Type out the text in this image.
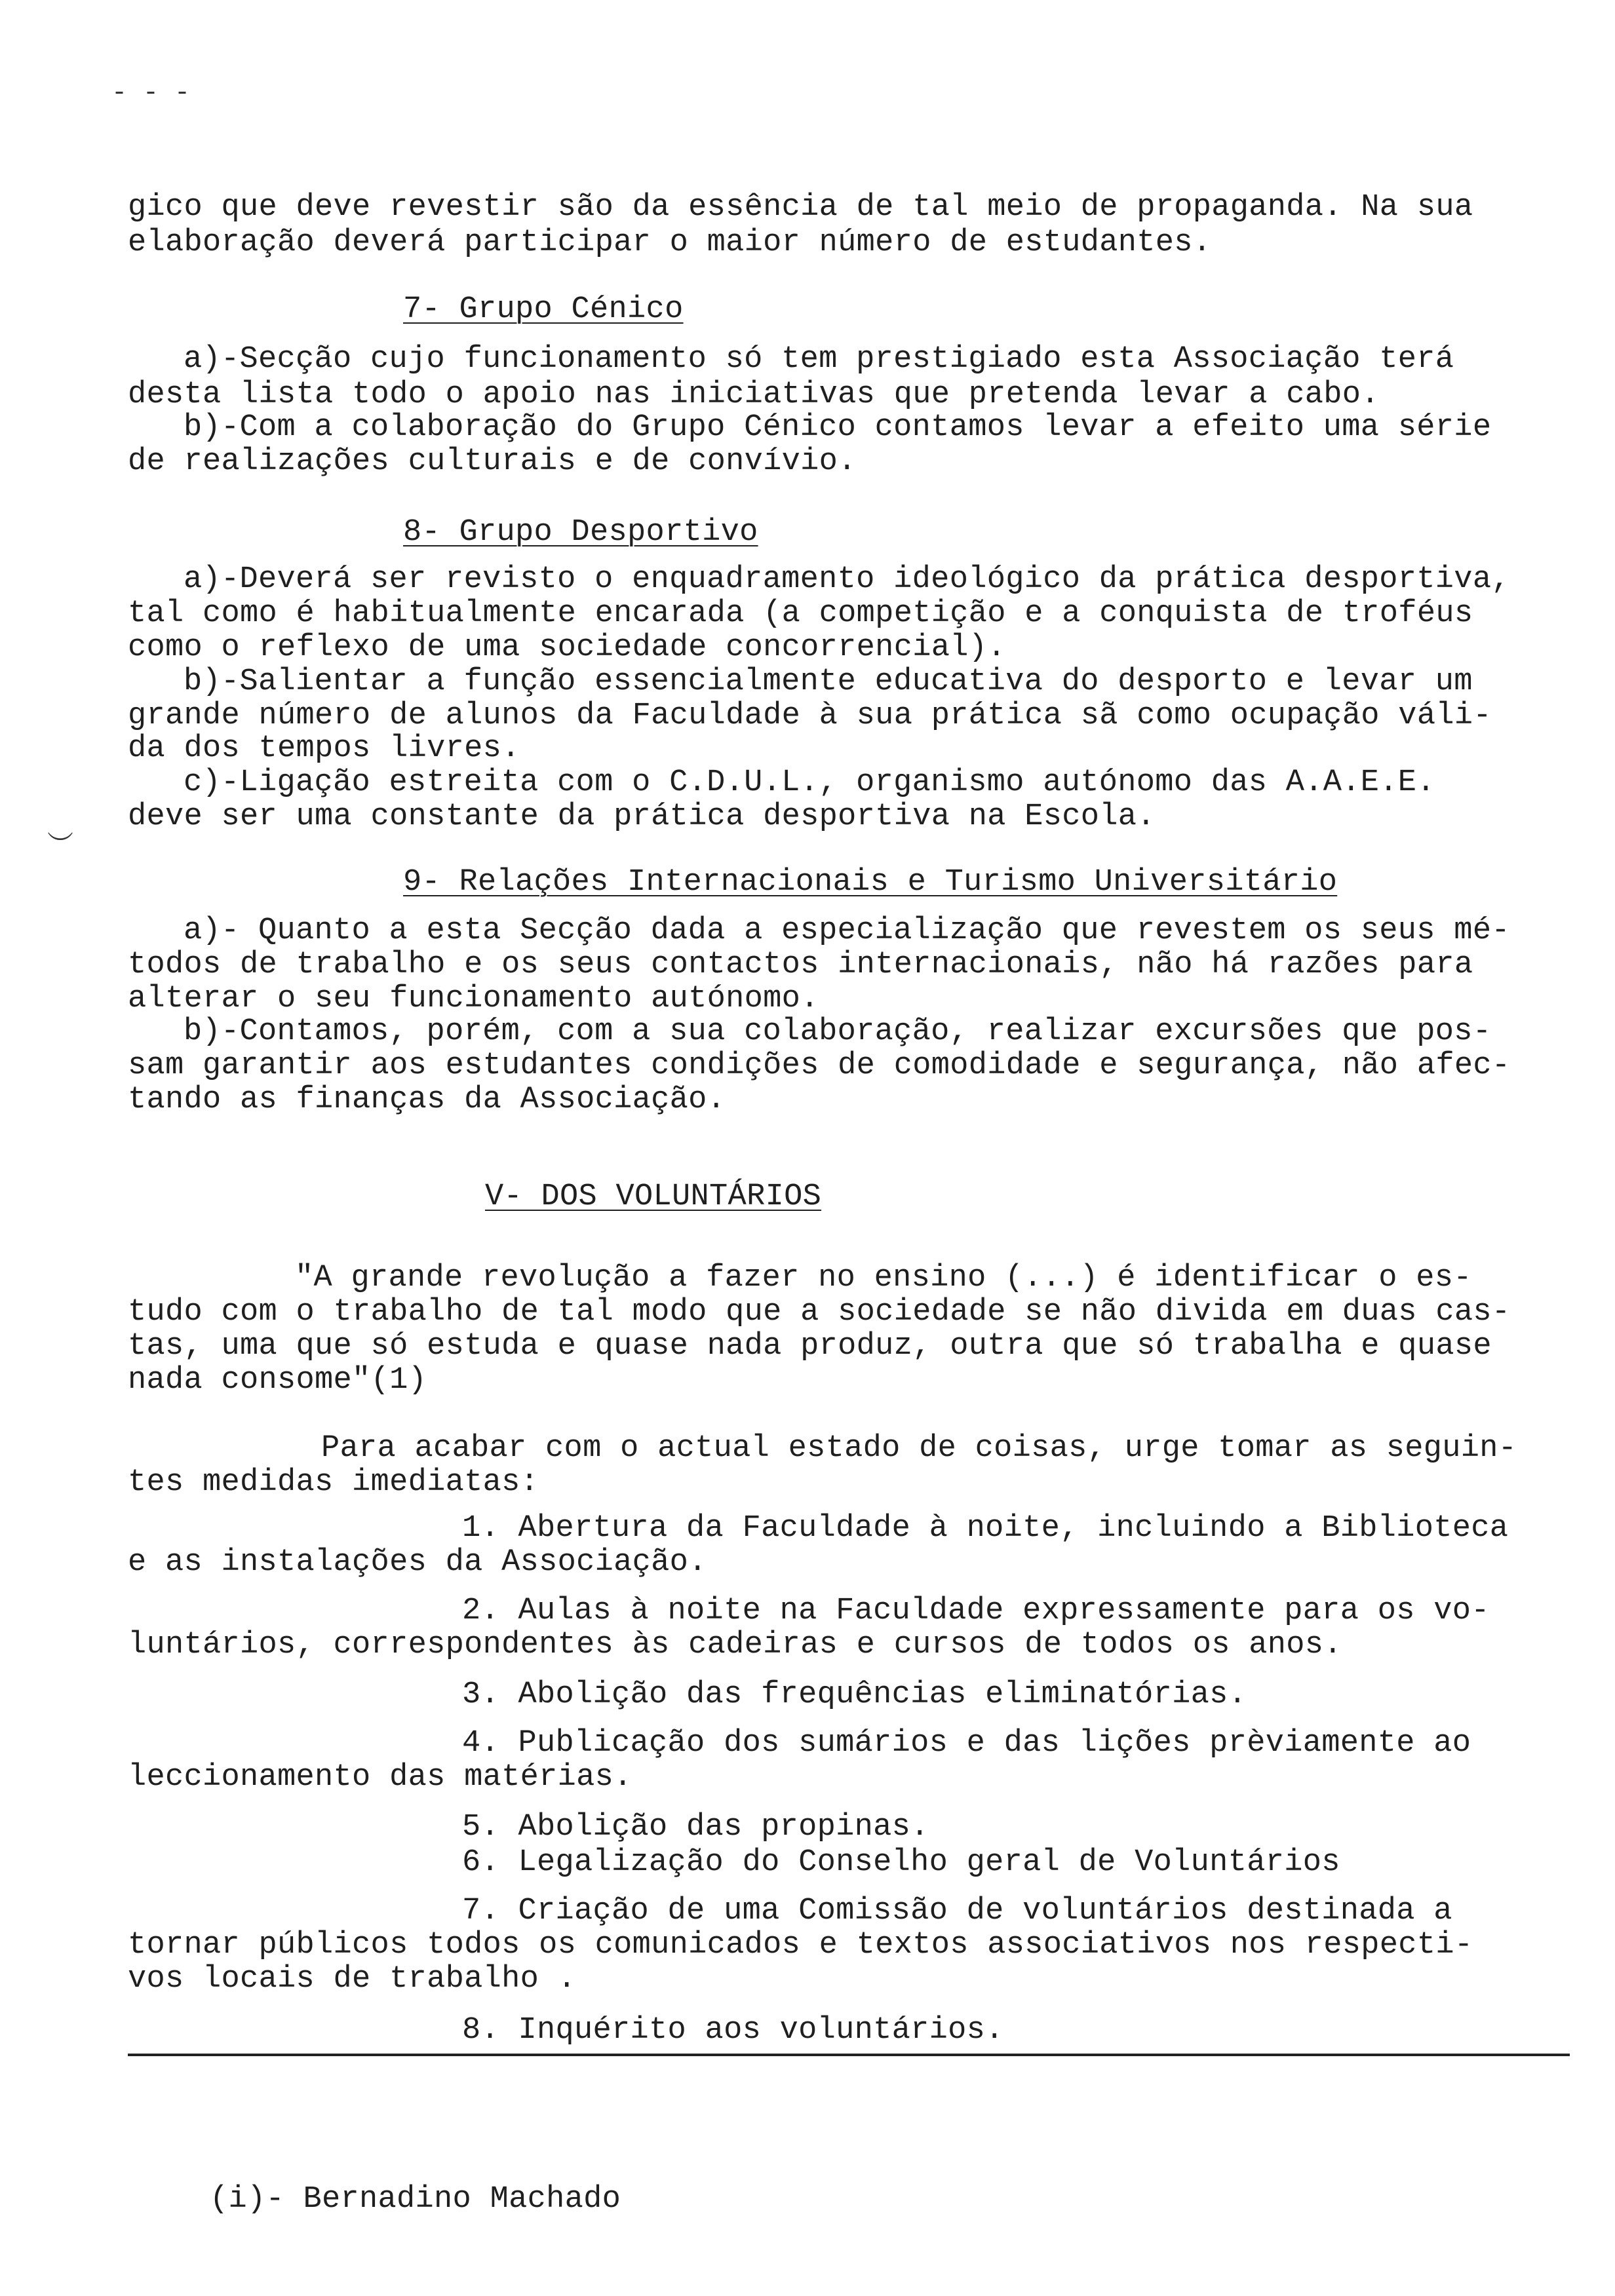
- - -
︶
gico que deve revestir são da essência de tal meio de propaganda. Na sua
elaboração deverá participar o maior número de estudantes.
7- Grupo Cénico
a)-Secção cujo funcionamento só tem prestigiado esta Associação terá
desta lista todo o apoio nas iniciativas que pretenda levar a cabo.
b)-Com a colaboração do Grupo Cénico contamos levar a efeito uma série
de realizações culturais e de convívio.
8- Grupo Desportivo
a)-Deverá ser revisto o enquadramento ideológico da prática desportiva,
tal como é habitualmente encarada (a competição e a conquista de troféus
como o reflexo de uma sociedade concorrencial).
b)-Salientar a função essencialmente educativa do desporto e levar um
grande número de alunos da Faculdade à sua prática sã como ocupação váli-
da dos tempos livres.
c)-Ligação estreita com o C.D.U.L., organismo autónomo das A.A.E.E.
deve ser uma constante da prática desportiva na Escola.
9- Relações Internacionais e Turismo Universitário
a)- Quanto a esta Secção dada a especialização que revestem os seus mé-
todos de trabalho e os seus contactos internacionais, não há razões para
alterar o seu funcionamento autónomo.
b)-Contamos, porém, com a sua colaboração, realizar excursões que pos-
sam garantir aos estudantes condições de comodidade e segurança, não afec-
tando as finanças da Associação.
V- DOS VOLUNTÁRIOS
"A grande revolução a fazer no ensino (...) é identificar o es-
tudo com o trabalho de tal modo que a sociedade se não divida em duas cas-
tas, uma que só estuda e quase nada produz, outra que só trabalha e quase
nada consome"(1)
Para acabar com o actual estado de coisas, urge tomar as seguin-
tes medidas imediatas:
1. Abertura da Faculdade à noite, incluindo a Biblioteca
e as instalações da Associação.
2. Aulas à noite na Faculdade expressamente para os vo-
luntários, correspondentes às cadeiras e cursos de todos os anos.
3. Abolição das frequências eliminatórias.
4. Publicação dos sumários e das lições prèviamente ao
leccionamento das matérias.
5. Abolição das propinas.
6. Legalização do Conselho geral de Voluntários
7. Criação de uma Comissão de voluntários destinada a
tornar públicos todos os comunicados e textos associativos nos respecti-
vos locais de trabalho .
8. Inquérito aos voluntários.
(i)- Bernadino Machado
